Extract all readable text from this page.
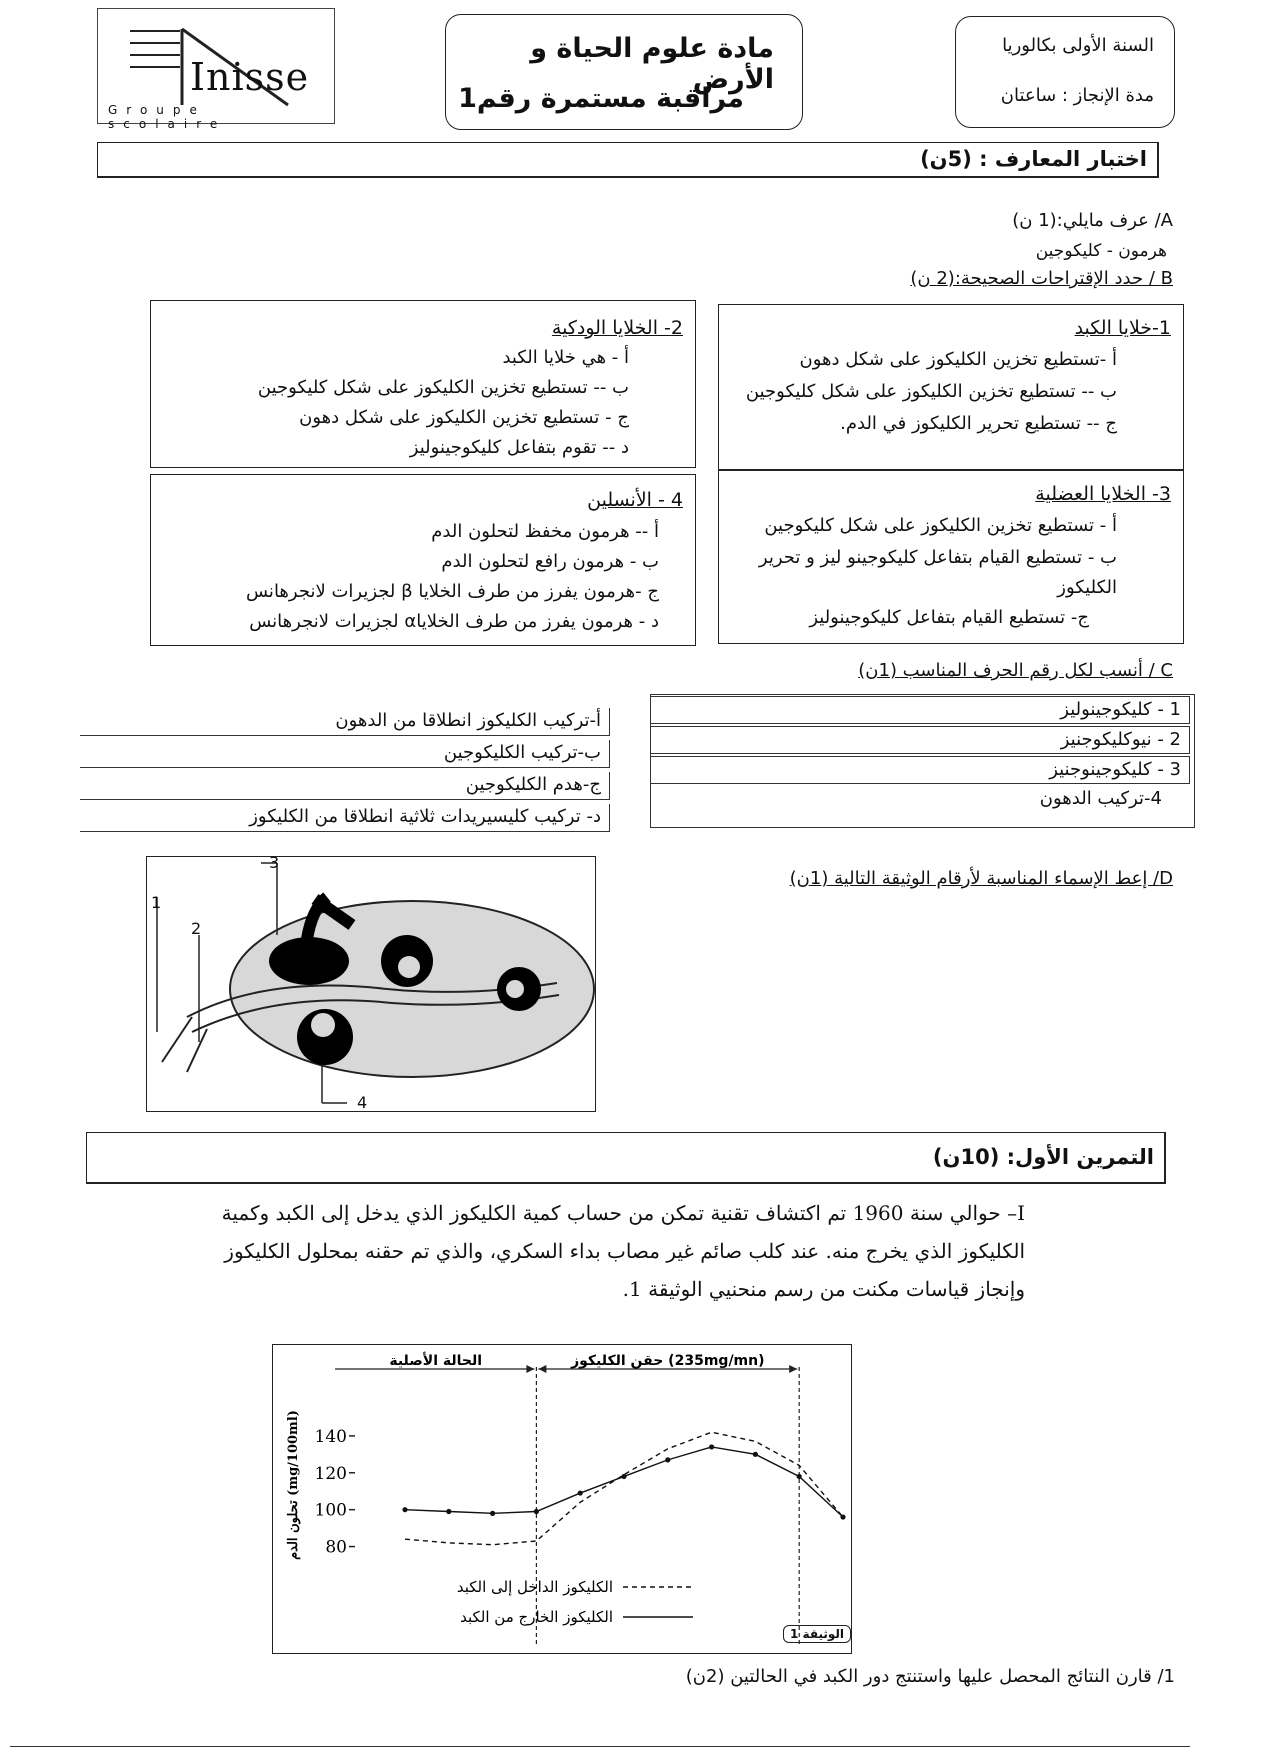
Inisse
Groupe scolaire
مادة علوم الحياة و الأرض
مراقبة مستمرة رقم1
السنة الأولى بكالوريا
مدة الإنجاز : ساعتان
اختبار المعارف : (5ن)
A/ عرف مايلي:(1 ن)
هرمون - كليكوجين
B / حدد الإقتراحات الصحيحة:(2 ن)
1-خلايا الكبد
أ -تستطيع تخزين الكليكوز على شكل دهون
ب -- تستطيع تخزين الكليكوز على شكل كليكوجين
ج -- تستطيع تحرير الكليكوز في الدم.
2- الخلايا الودكية
أ - هي خلايا الكبد
ب -- تستطيع تخزين الكليكوز على شكل كليكوجين
ج - تستطيع تخزين الكليكوز على شكل دهون
د -- تقوم بتفاعل كليكوجينوليز
3- الخلايا العضلية
أ - تستطيع تخزين الكليكوز على شكل كليكوجين
ب - تستطيع القيام بتفاعل كليكوجينو ليز و تحرير
الكليكوز
ج- تستطيع القيام بتفاعل كليكوجينوليز
4 - الأنسلين
أ -- هرمون مخفظ لتحلون الدم
ب - هرمون رافع لتحلون الدم
ج -هرمون يفرز من طرف الخلايا β لجزيرات لانجرهانس
د - هرمون يفرز من طرف الخلاياα لجزيرات لانجرهانس
C / أنسب لكل رقم الحرف المناسب (1ن)
1 - كليكوجينوليز
2 - نيوكليكوجنيز
3 - كليكوجينوجنيز
4-تركيب الدهون
أ-تركيب الكليكوز انطلاقا من الدهون
ب-تركيب الكليكوجين
ج-هدم الكليكوجين
د- تركيب كليسيريدات ثلاثية انطلاقا من الكليكوز
D/ إعط الإسماء المناسبة لأرقام الوثيقة التالية (1ن)
1
2
3
4
التمرين الأول: (10ن)
I– حوالي سنة 1960 تم اكتشاف تقنية تمكن من حساب كمية الكليكوز الذي يدخل إلى الكبد وكمية
الكليكوز الذي يخرج منه. عند كلب صائم غير مصاب بداء السكري، والذي تم حقنه بمحلول الكليكوز
وإنجاز قياسات مكنت من رسم منحنيي الوثيقة 1.
تحلون الدم (mg/100ml)
80
100
120
140
الحالة الأصلية	حقن الكليكوز (235mg/mn)
الكليكوز الداخل إلى الكبد
الكليكوز الخارج من الكبد
الوثيقة 1
1/ قارن النتائج المحصل عليها واستنتج دور الكبد في الحالتين (2ن)
